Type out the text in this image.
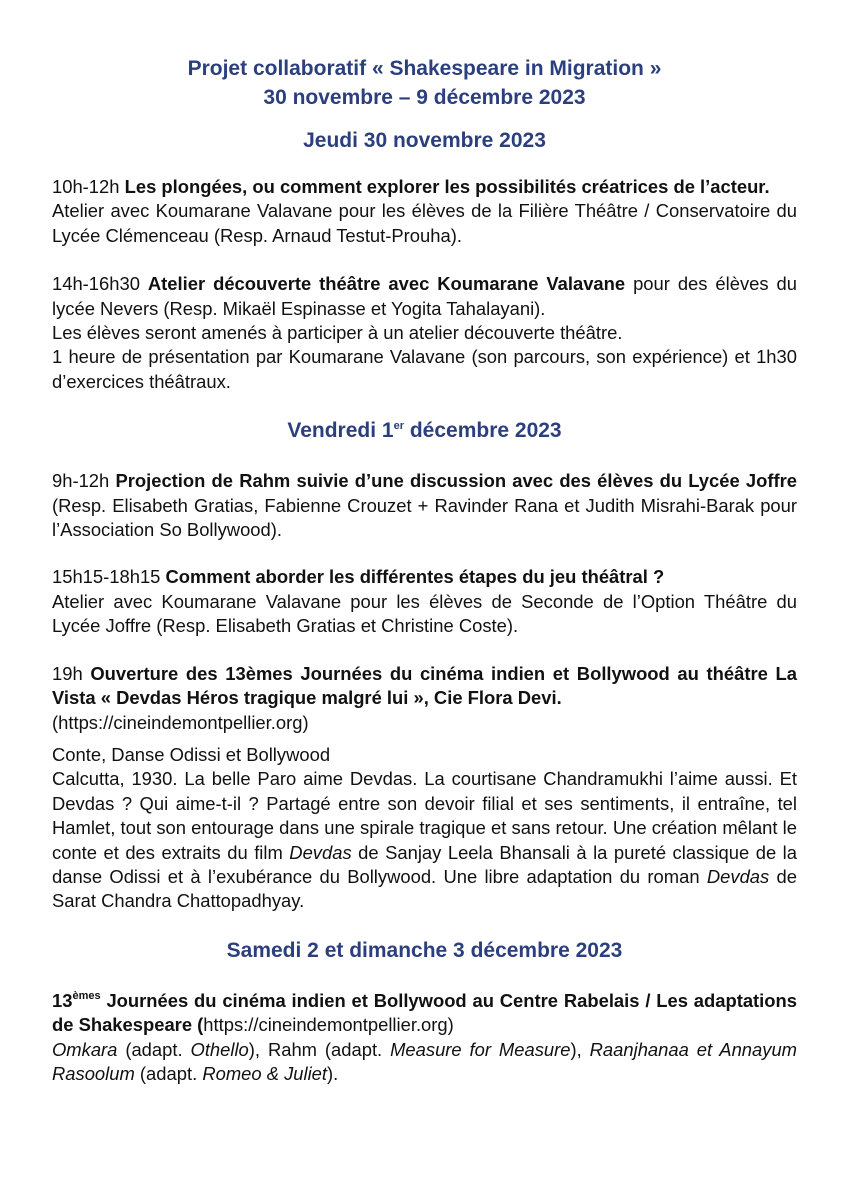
Projet collaboratif « Shakespeare in Migration »

30 novembre – 9 décembre 2023

Jeudi 30 novembre 2023

10h-12h Les plongées, ou comment explorer les possibilités créatrices de l’acteur.
Atelier avec Koumarane Valavane pour les élèves de la Filière Théâtre / Conservatoire du Lycée Clémenceau (Resp. Arnaud Testut-Prouha).

14h-16h30 Atelier découverte théâtre avec Koumarane Valavane pour des élèves du lycée Nevers (Resp. Mikaël Espinasse et Yogita Tahalayani).
Les élèves seront amenés à participer à un atelier découverte théâtre.
1 heure de présentation par Koumarane Valavane (son parcours, son expérience) et 1h30 d’exercices théâtraux.

Vendredi 1er décembre 2023

9h-12h Projection de Rahm suivie d’une discussion avec des élèves du Lycée Joffre (Resp. Elisabeth Gratias, Fabienne Crouzet + Ravinder Rana et Judith Misrahi-Barak pour l’Association So Bollywood).

15h15-18h15 Comment aborder les différentes étapes du jeu théâtral ?
Atelier avec Koumarane Valavane pour les élèves de Seconde de l’Option Théâtre du Lycée Joffre (Resp. Elisabeth Gratias et Christine Coste).

19h Ouverture des 13èmes Journées du cinéma indien et Bollywood au théâtre La Vista « Devdas Héros tragique malgré lui », Cie Flora Devi.
(https://cineindemontpellier.org)

Conte, Danse Odissi et Bollywood
Calcutta, 1930. La belle Paro aime Devdas. La courtisane Chandramukhi l’aime aussi. Et Devdas ? Qui aime-t-il ? Partagé entre son devoir filial et ses sentiments, il entraîne, tel Hamlet, tout son entourage dans une spirale tragique et sans retour. Une création mêlant le conte et des extraits du film Devdas de Sanjay Leela Bhansali à la pureté classique de la danse Odissi et à l’exubérance du Bollywood. Une libre adaptation du roman Devdas de Sarat Chandra Chattopadhyay.

Samedi 2 et dimanche 3 décembre 2023

13èmes Journées du cinéma indien et Bollywood au Centre Rabelais / Les adaptations de Shakespeare (https://cineindemontpellier.org)
Omkara (adapt. Othello), Rahm (adapt. Measure for Measure), Raanjhanaa et Annayum Rasoolum (adapt. Romeo & Juliet).
